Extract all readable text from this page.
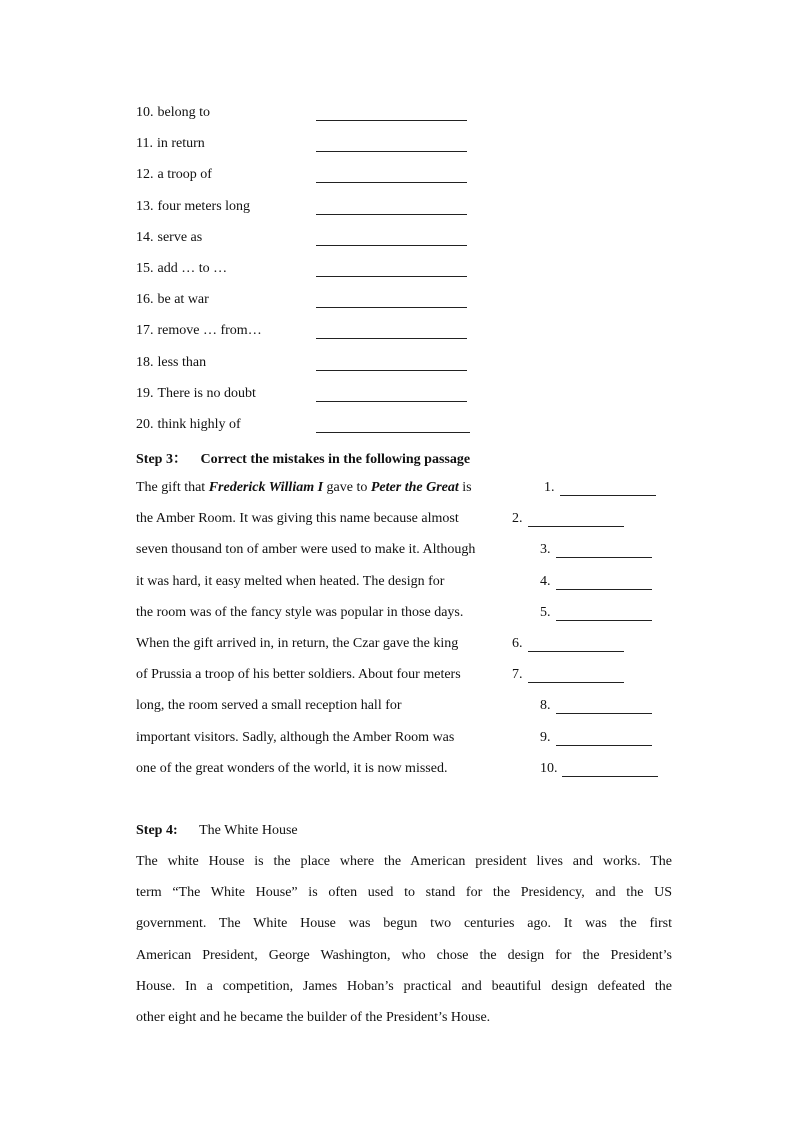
10. belong to
11. in return
12. a troop of
13. four meters long
14. serve as
15. add … to …
16. be at war
17. remove … from…
18. less than
19. There is no doubt
20. think highly of
Step 3： Correct the mistakes in the following passage
The gift that Frederick William I gave to Peter the Great is	1.
the Amber Room. It was giving this name because almost	2.
seven thousand ton of amber were used to make it. Although	3.
it was hard, it easy melted when heated. The design for	4.
the room was of the fancy style was popular in those days.	5.
When the gift arrived in, in return, the Czar gave the king	6.
of Prussia a troop of his better soldiers. About four meters	7.
long, the room served a small reception hall for	8.
important visitors. Sadly, although the Amber Room was	9.
one of the great wonders of the world, it is now missed.	10.
Step 4: The White House
The white House is the place where the American president lives and works. The
term “The White House” is often used to stand for the Presidency, and the US
government. The White House was begun two centuries ago. It was the first
American President, George Washington, who chose the design for the President’s
House. In a competition, James Hoban’s practical and beautiful design defeated the
other eight and he became the builder of the President’s House.
